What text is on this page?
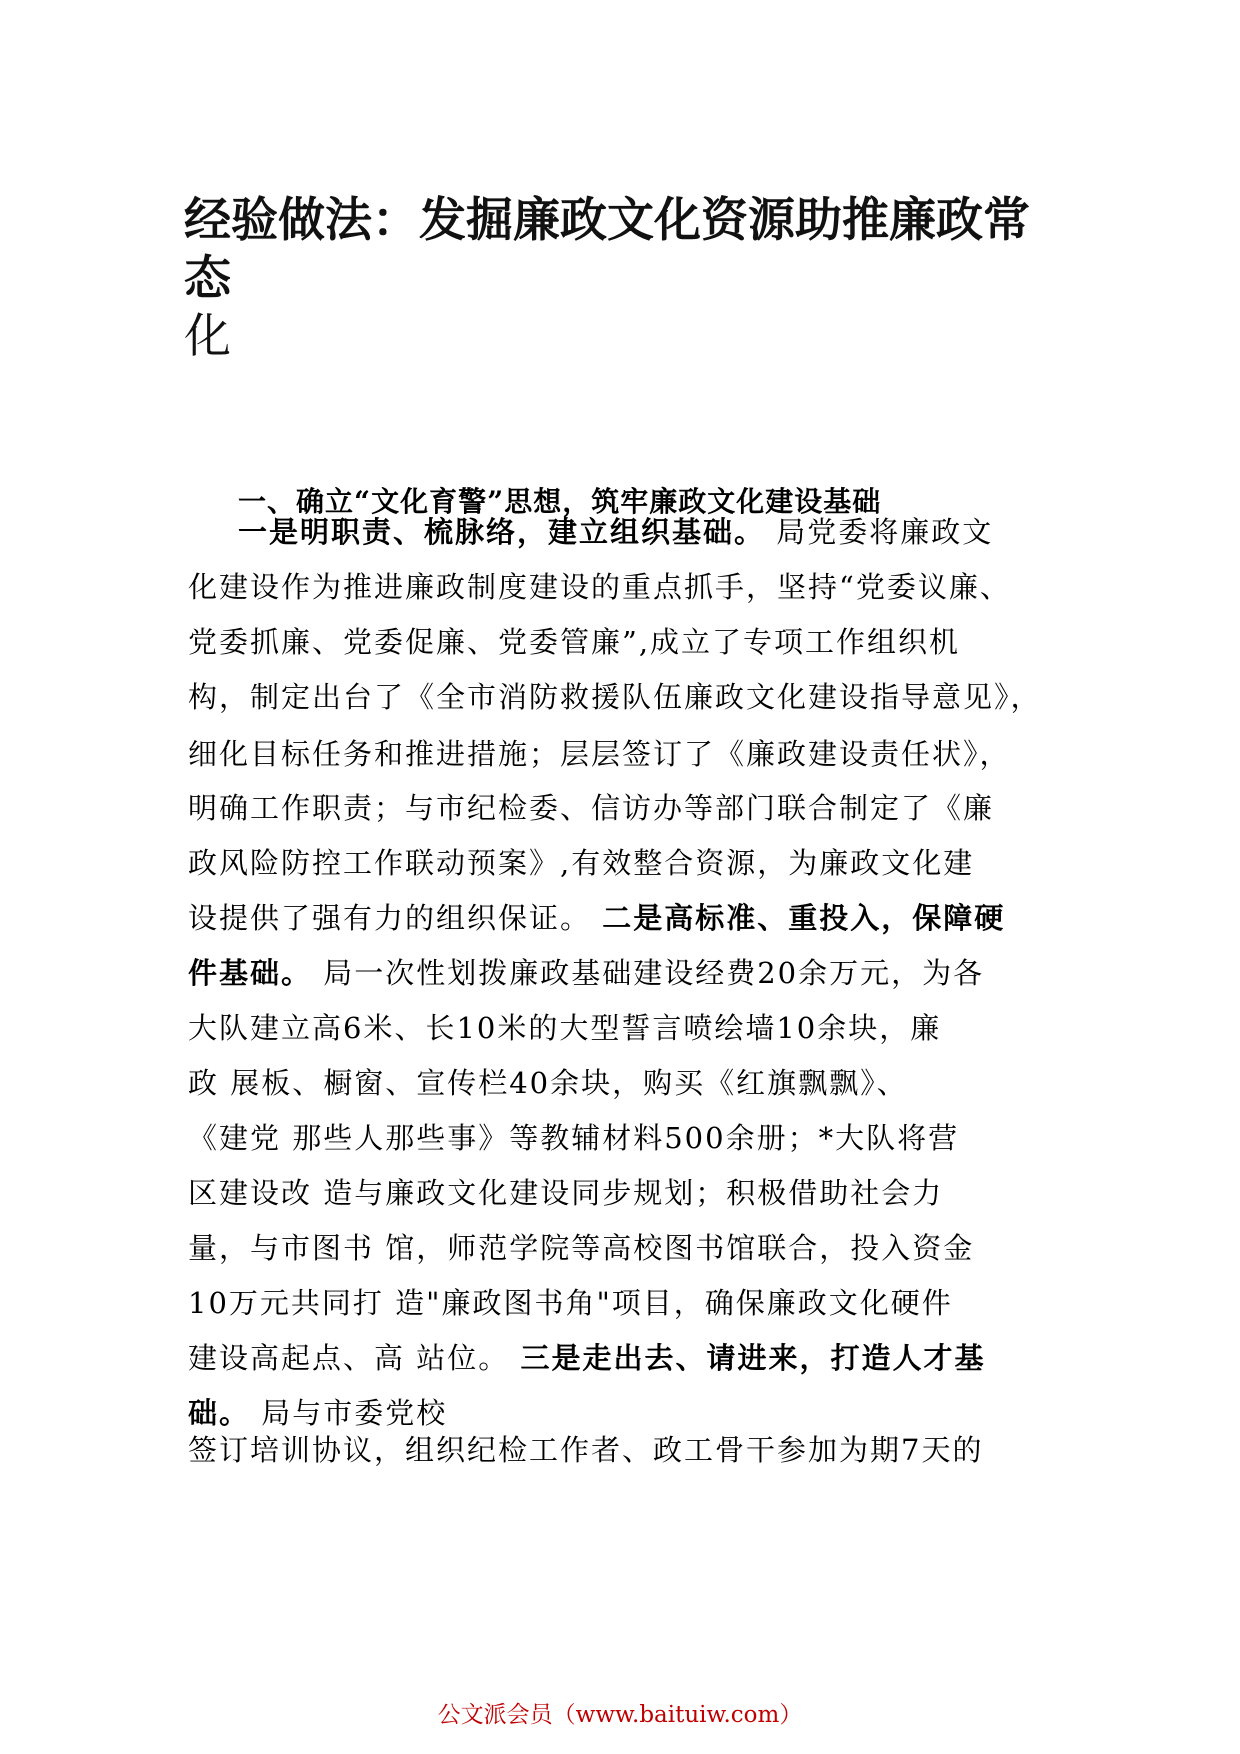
经验做法：发掘廉政文化资源助推廉政常态
化
一、确立“文化育警”思想，筑牢廉政文化建设基础
一是明职责、梳脉络，建立组织基础。 局党委将廉政文
化建设作为推进廉政制度建设的重点抓手，坚持“党委议廉、
党委抓廉、党委促廉、党委管廉”,成立了专项工作组织机
构，制定出台了《全市消防救援队伍廉政文化建设指导意见》，
细化目标任务和推进措施；层层签订了《廉政建设责任状》，
明确工作职责；与市纪检委、信访办等部门联合制定了《廉
政风险防控工作联动预案》,有效整合资源，为廉政文化建
设提供了强有力的组织保证。 二是高标准、重投入，保障硬
件基础。 局一次性划拨廉政基础建设经费20余万元，为各
大队建立高6米、长10米的大型誓言喷绘墙10余块，廉
政 展板、橱窗、宣传栏40余块，购买《红旗飘飘》、
《建党 那些人那些事》等教辅材料500余册；*大队将营
区建设改 造与廉政文化建设同步规划；积极借助社会力
量，与市图书 馆，师范学院等高校图书馆联合，投入资金
10万元共同打 造"廉政图书角"项目，确保廉政文化硬件
建设高起点、高 站位。 三是走出去、请进来，打造人才基
础。 局与市委党校
签订培训协议，组织纪检工作者、政工骨干参加为期7天的
公文派会员（www.baituiw.com）
